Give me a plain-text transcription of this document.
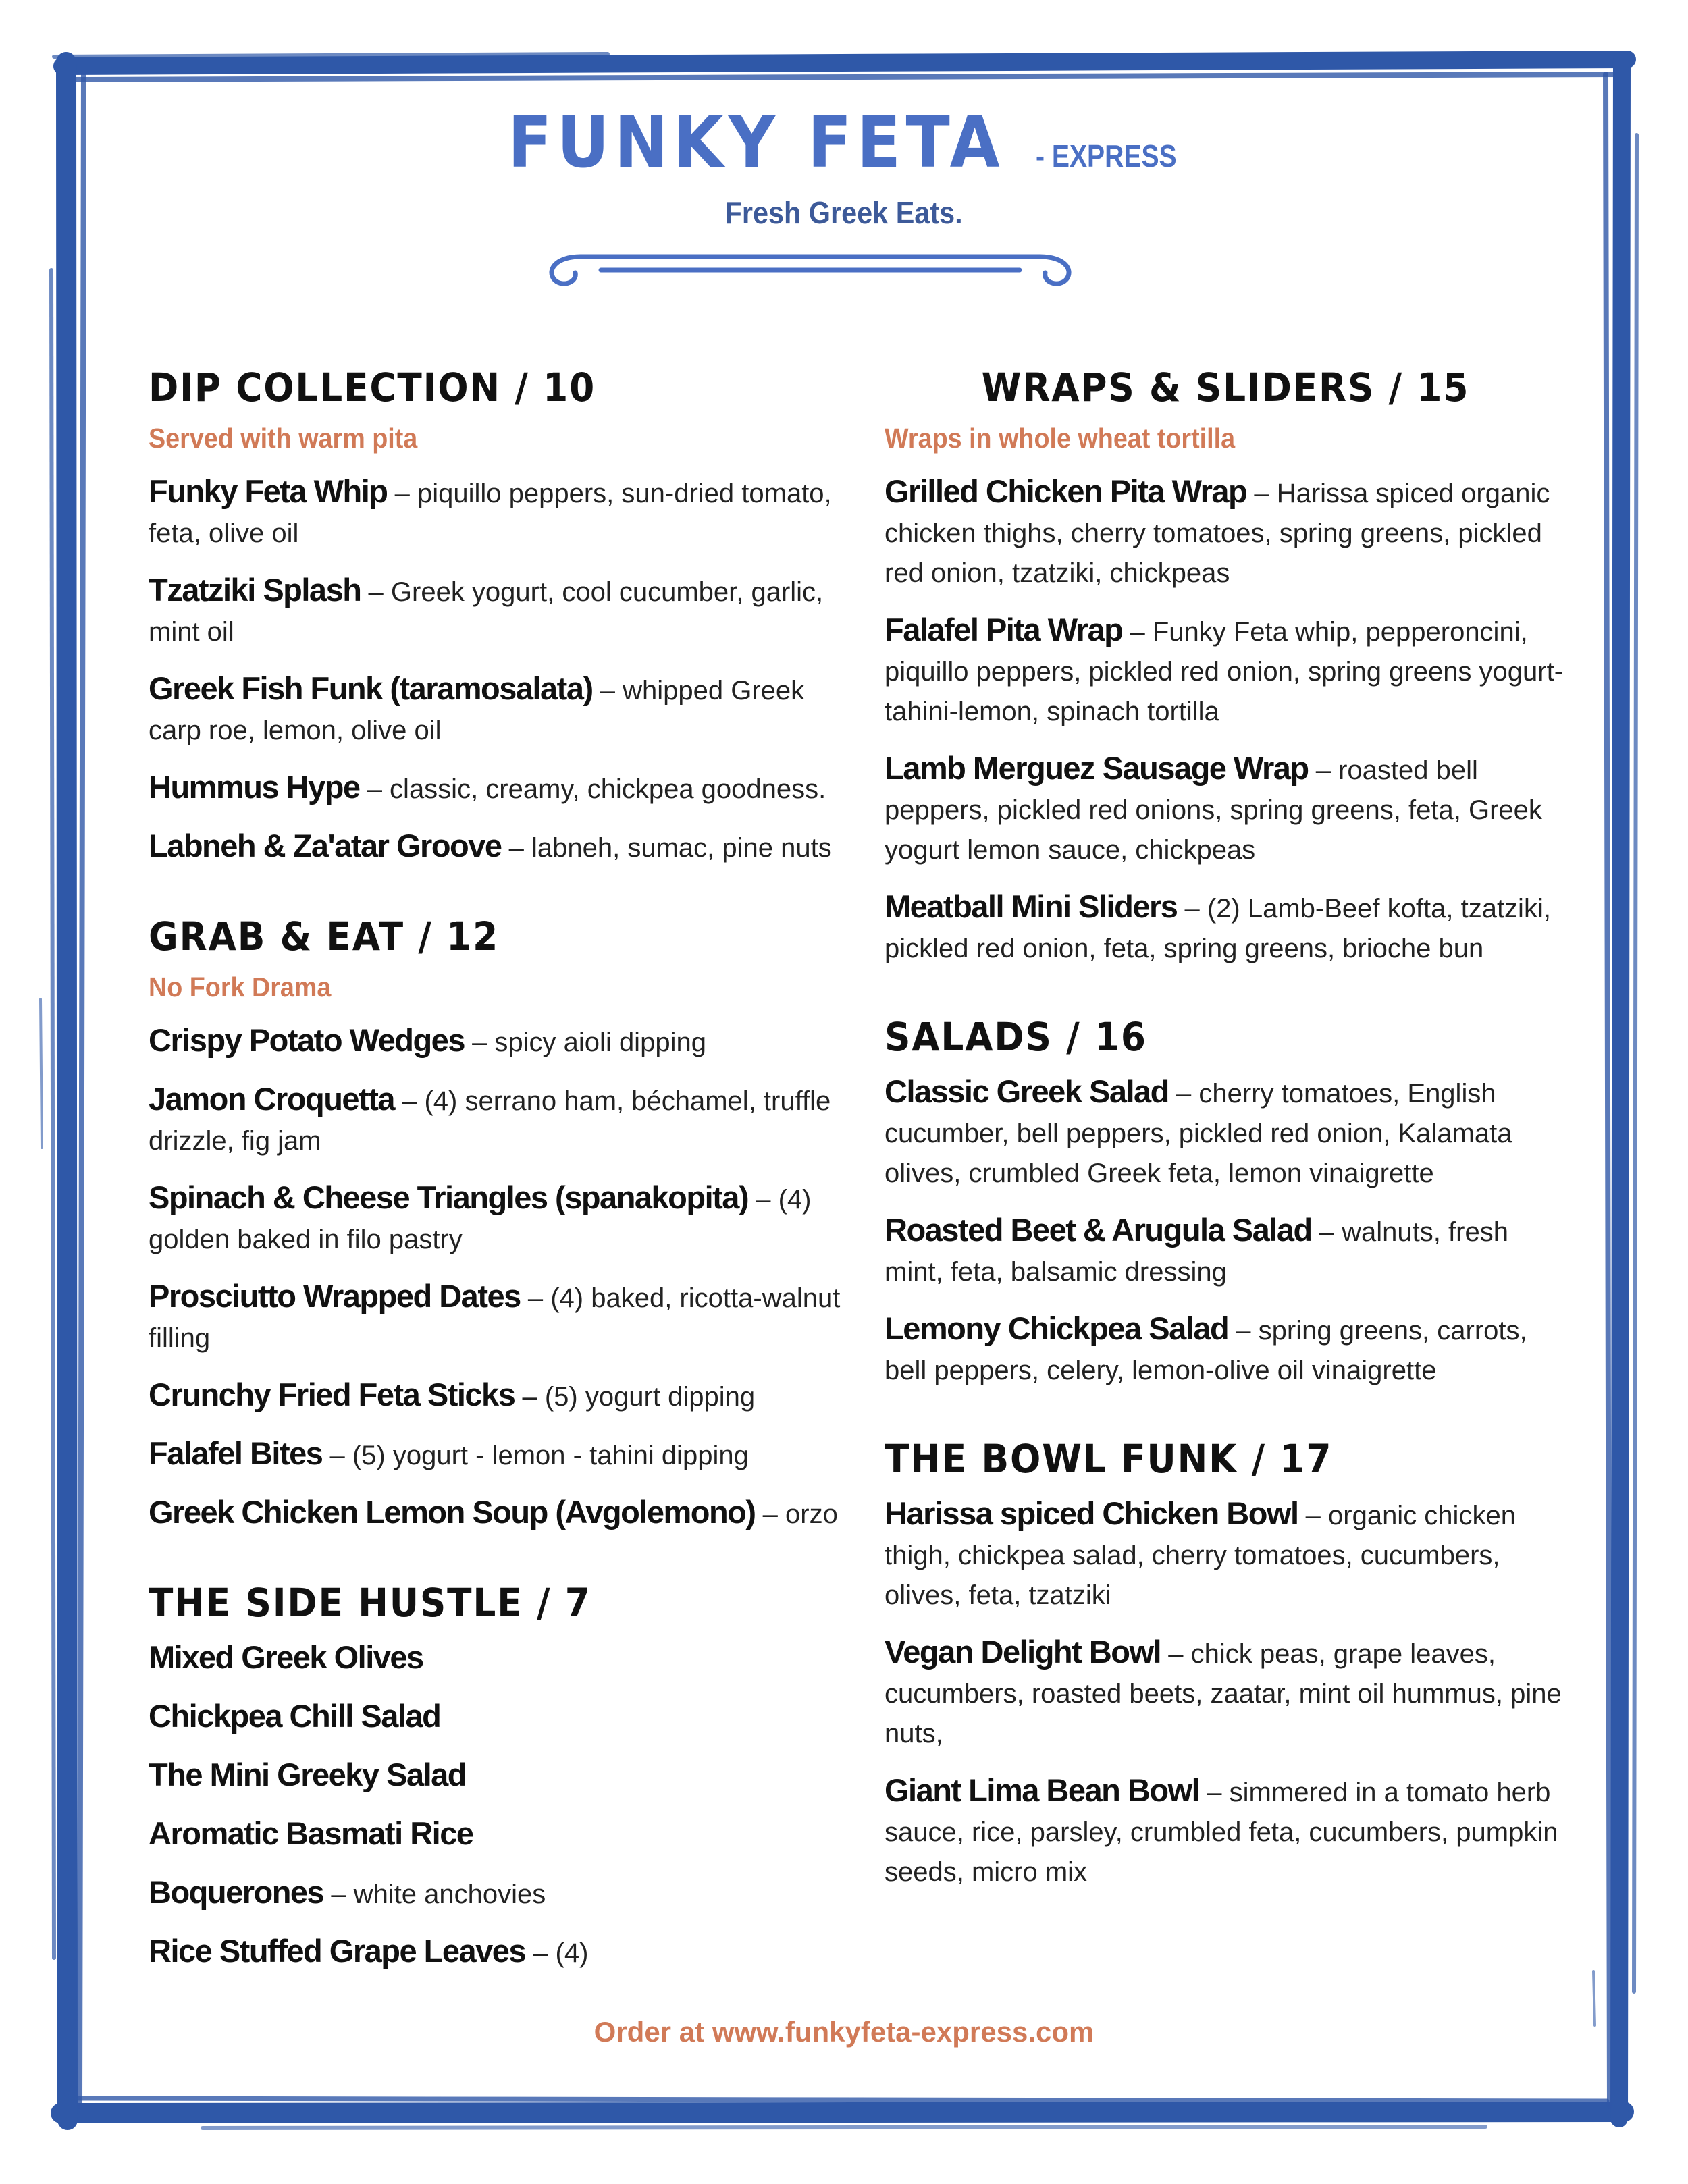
FUNKY FETA - EXPRESS

Fresh Greek Eats.
DIP COLLECTION / 10
Served with warm pita
Funky Feta Whip – piquillo peppers, sun-dried tomato, feta, olive oil
Tzatziki Splash – Greek yogurt, cool cucumber, garlic, mint oil
Greek Fish Funk (taramosalata) – whipped Greek carp roe, lemon, olive oil
Hummus Hype – classic, creamy, chickpea goodness.
Labneh & Za'atar Groove – labneh, sumac, pine nuts
GRAB & EAT / 12
No Fork Drama
Crispy Potato Wedges – spicy aioli dipping
Jamon Croquetta – (4) serrano ham, béchamel, truffle drizzle, fig jam
Spinach & Cheese Triangles (spanakopita) – (4) golden baked in filo pastry
Prosciutto Wrapped Dates – (4) baked, ricotta-walnut filling
Crunchy Fried Feta Sticks – (5) yogurt dipping
Falafel Bites – (5) yogurt - lemon - tahini dipping
Greek Chicken Lemon Soup (Avgolemono) – orzo
THE SIDE HUSTLE / 7
Mixed Greek Olives
Chickpea Chill Salad
The Mini Greeky Salad
Aromatic Basmati Rice
Boquerones – white anchovies
Rice Stuffed Grape Leaves – (4)
WRAPS & SLIDERS / 15
Wraps in whole wheat tortilla
Grilled Chicken Pita Wrap – Harissa spiced organic chicken thighs, cherry tomatoes, spring greens, pickled red onion, tzatziki, chickpeas
Falafel Pita Wrap – Funky Feta whip, pepperoncini, piquillo peppers, pickled red onion, spring greens yogurt-tahini-lemon, spinach tortilla
Lamb Merguez Sausage Wrap – roasted bell peppers, pickled red onions, spring greens, feta, Greek yogurt lemon sauce, chickpeas
Meatball Mini Sliders – (2) Lamb-Beef kofta, tzatziki, pickled red onion, feta, spring greens, brioche bun
SALADS / 16
Classic Greek Salad – cherry tomatoes, English cucumber, bell peppers, pickled red onion, Kalamata olives, crumbled Greek feta, lemon vinaigrette
Roasted Beet & Arugula Salad – walnuts, fresh mint, feta, balsamic dressing
Lemony Chickpea Salad – spring greens, carrots, bell peppers, celery, lemon-olive oil vinaigrette
THE BOWL FUNK / 17
Harissa spiced Chicken Bowl – organic chicken thigh, chickpea salad, cherry tomatoes, cucumbers, olives, feta, tzatziki
Vegan Delight Bowl – chick peas, grape leaves, cucumbers, roasted beets, zaatar, mint oil hummus, pine nuts,
Giant Lima Bean Bowl – simmered in a tomato herb sauce, rice, parsley, crumbled feta, cucumbers, pumpkin seeds, micro mix
Order at www.funkyfeta-express.com
